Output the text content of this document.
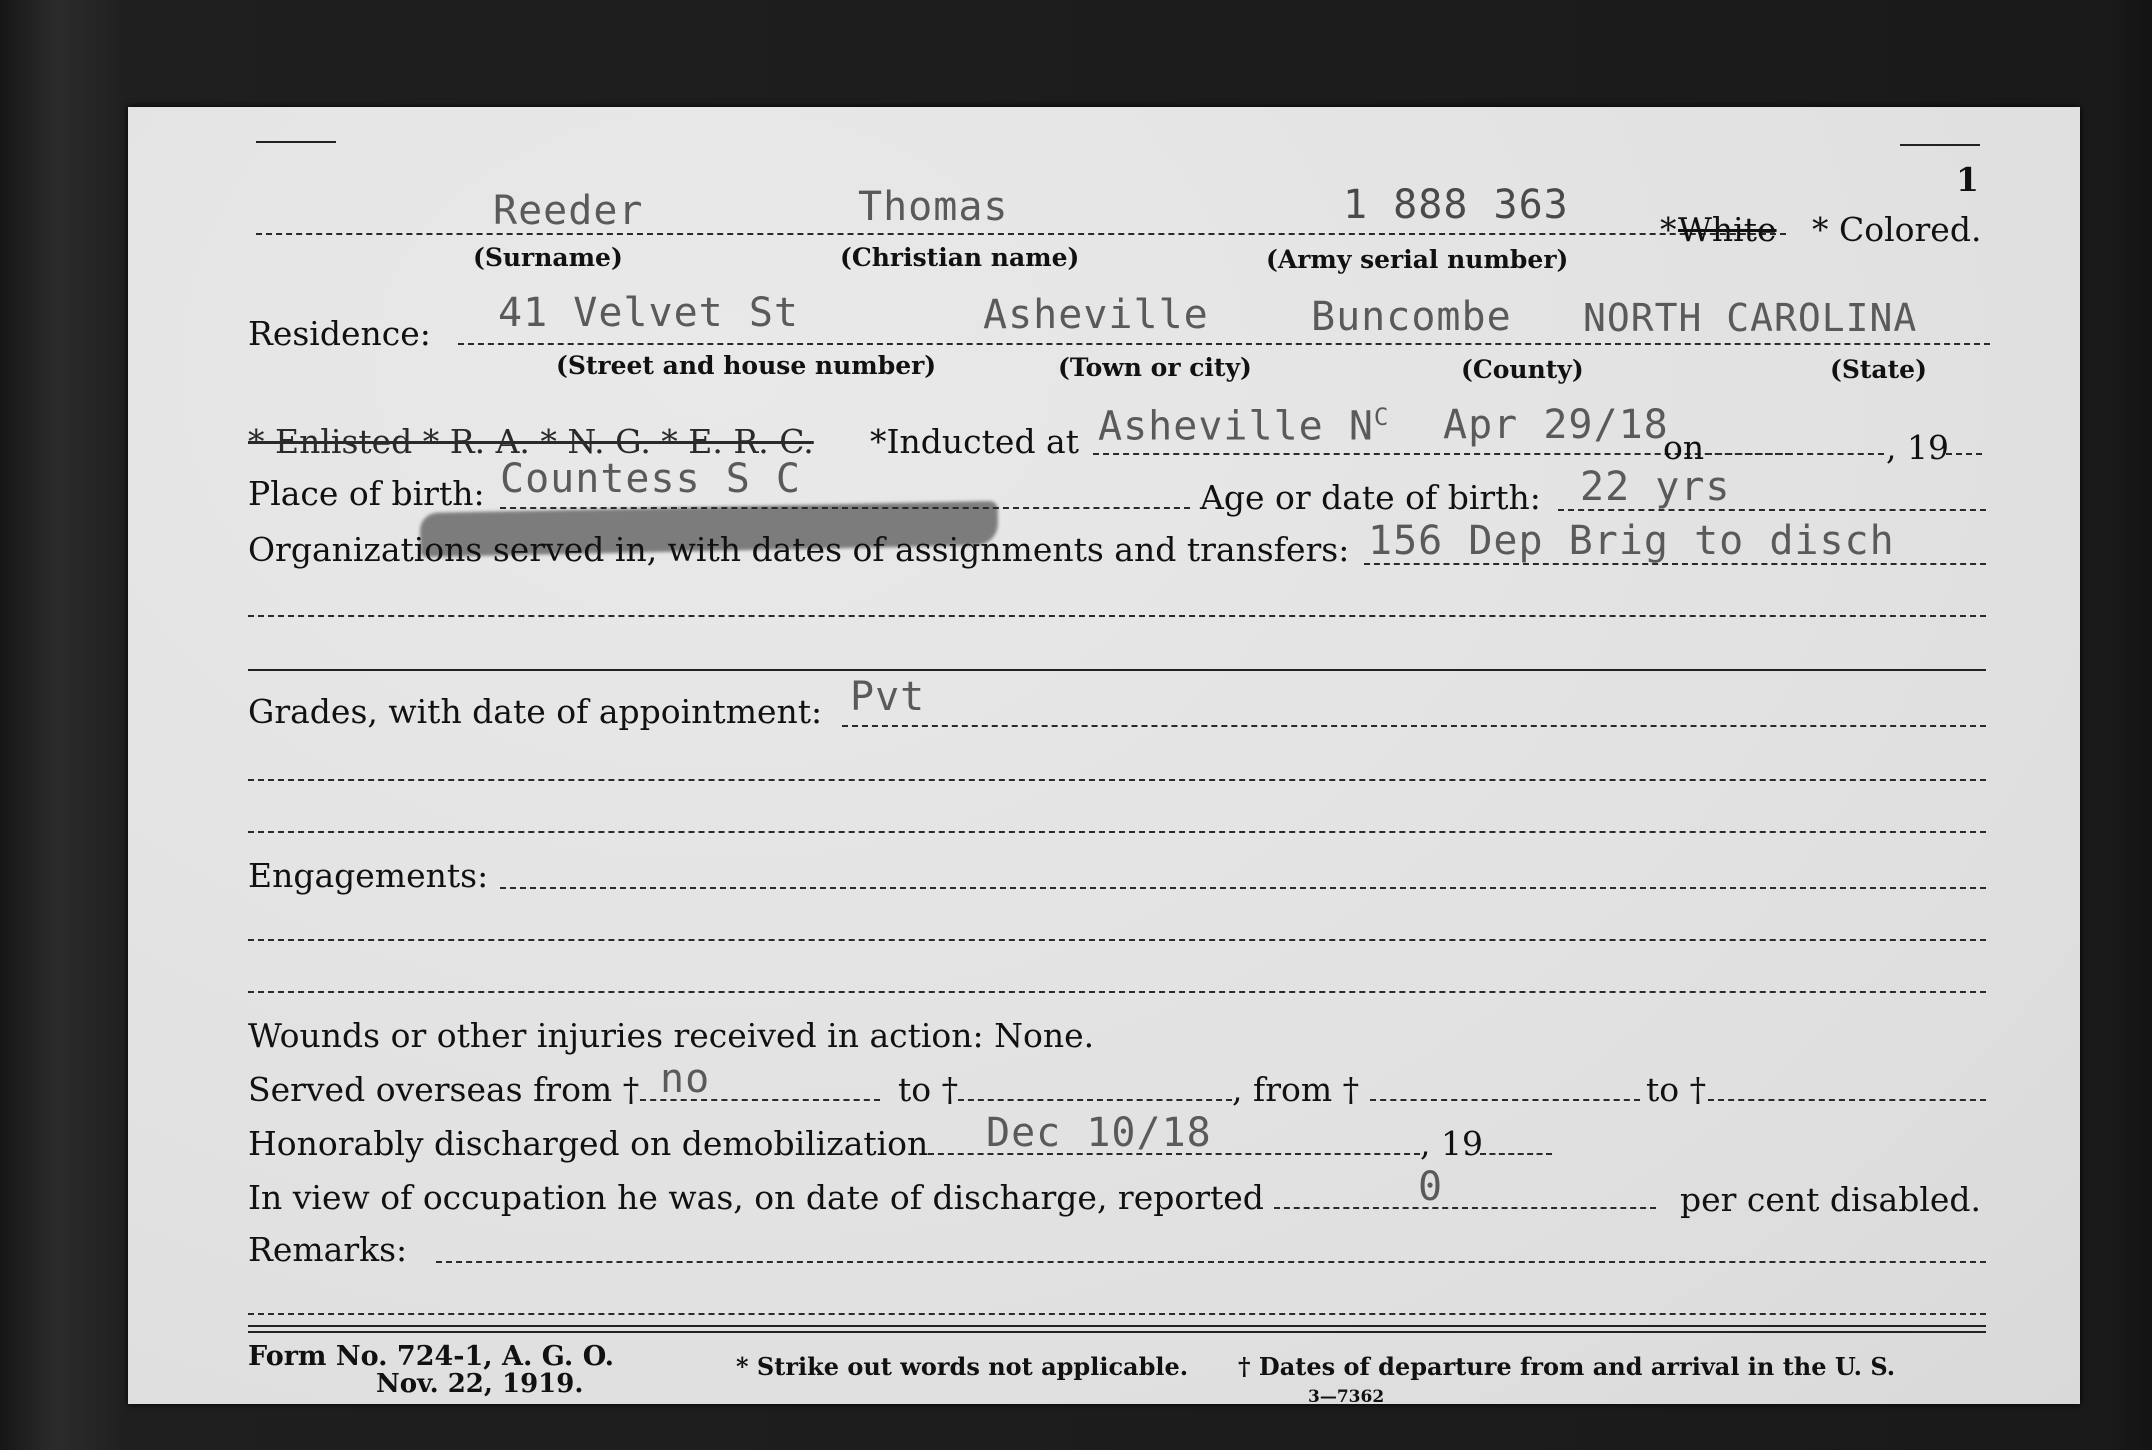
1
Reeder	Thomas	1 888 363
* White * Colored.
(Surname)	(Christian name)	(Army serial number)
Residence: 41 Velvet St	Asheville	Buncombe NORTH CAROLINA
(Street and house number)	(Town or city)	(County)	(State)
* Enlisted * R. A. * N. G. * E. R. C. *Inducted at Asheville $N^C$ Apr 29/18
on	, 19
Place of birth: Countess S C	Age or date of birth: 22 yrs
Organizations served in, with dates of assignments and transfers: 156 Dep Brig to disch
Grades, with date of appointment: Pvt
Engagements:
Wounds or other injuries received in action: None.
Served overseas from † no	to †	, from †	to †
Honorably discharged on demobilization Dec 10/18	, 19
In view of occupation he was, on date of discharge, reported	0	per cent disabled.
Remarks:
Form No. 724-1, A. G. O.
Nov. 22, 1919.
* Strike out words not applicable. † Dates of departure from and arrival in the U. S.
3—7362
